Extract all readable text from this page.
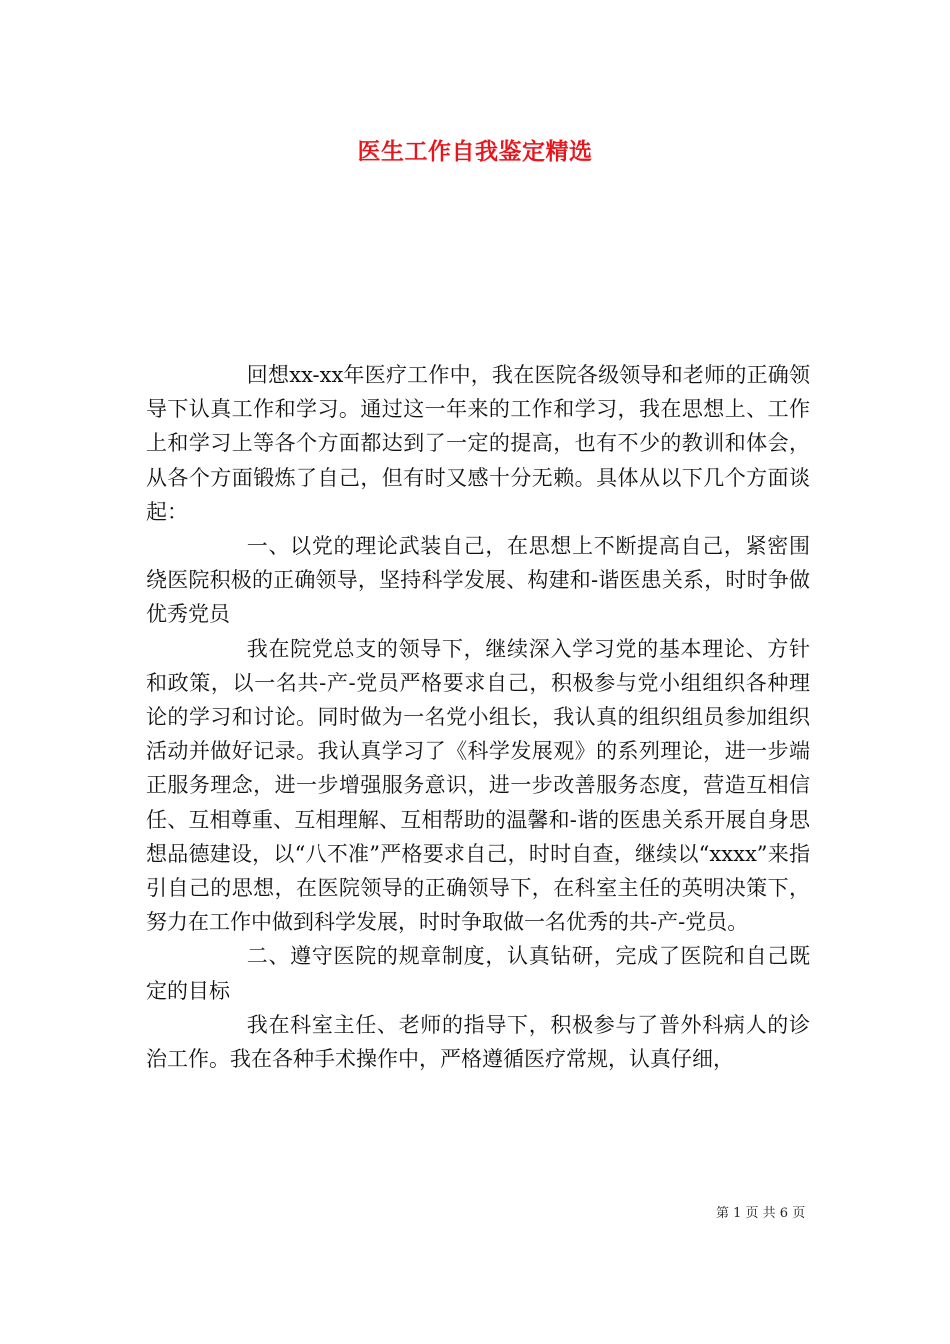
医生工作自我鉴定精选

回想xx-xx年医疗工作中，我在医院各级领导和老师的正确领导下认真工作和学习。通过这一年来的工作和学习，我在思想上、工作上和学习上等各个方面都达到了一定的提高，也有不少的教训和体会，从各个方面锻炼了自己，但有时又感十分无赖。具体从以下几个方面谈起：

一、以党的理论武装自己，在思想上不断提高自己，紧密围绕医院积极的正确领导，坚持科学发展、构建和-谐医患关系，时时争做优秀党员

我在院党总支的领导下，继续深入学习党的基本理论、方针和政策，以一名共-产-党员严格要求自己，积极参与党小组组织各种理论的学习和讨论。同时做为一名党小组长，我认真的组织组员参加组织活动并做好记录。我认真学习了《科学发展观》的系列理论，进一步端正服务理念，进一步增强服务意识，进一步改善服务态度，营造互相信任、互相尊重、互相理解、互相帮助的温馨和-谐的医患关系开展自身思想品德建设，以“八不准”严格要求自己，时时自查，继续以“xxxx”来指引自己的思想，在医院领导的正确领导下，在科室主任的英明决策下，努力在工作中做到科学发展，时时争取做一名优秀的共-产-党员。

二、遵守医院的规章制度，认真钻研，完成了医院和自己既定的目标

我在科室主任、老师的指导下，积极参与了普外科病人的诊治工作。我在各种手术操作中，严格遵循医疗常规，认真仔细，

第 1 页 共 6 页
